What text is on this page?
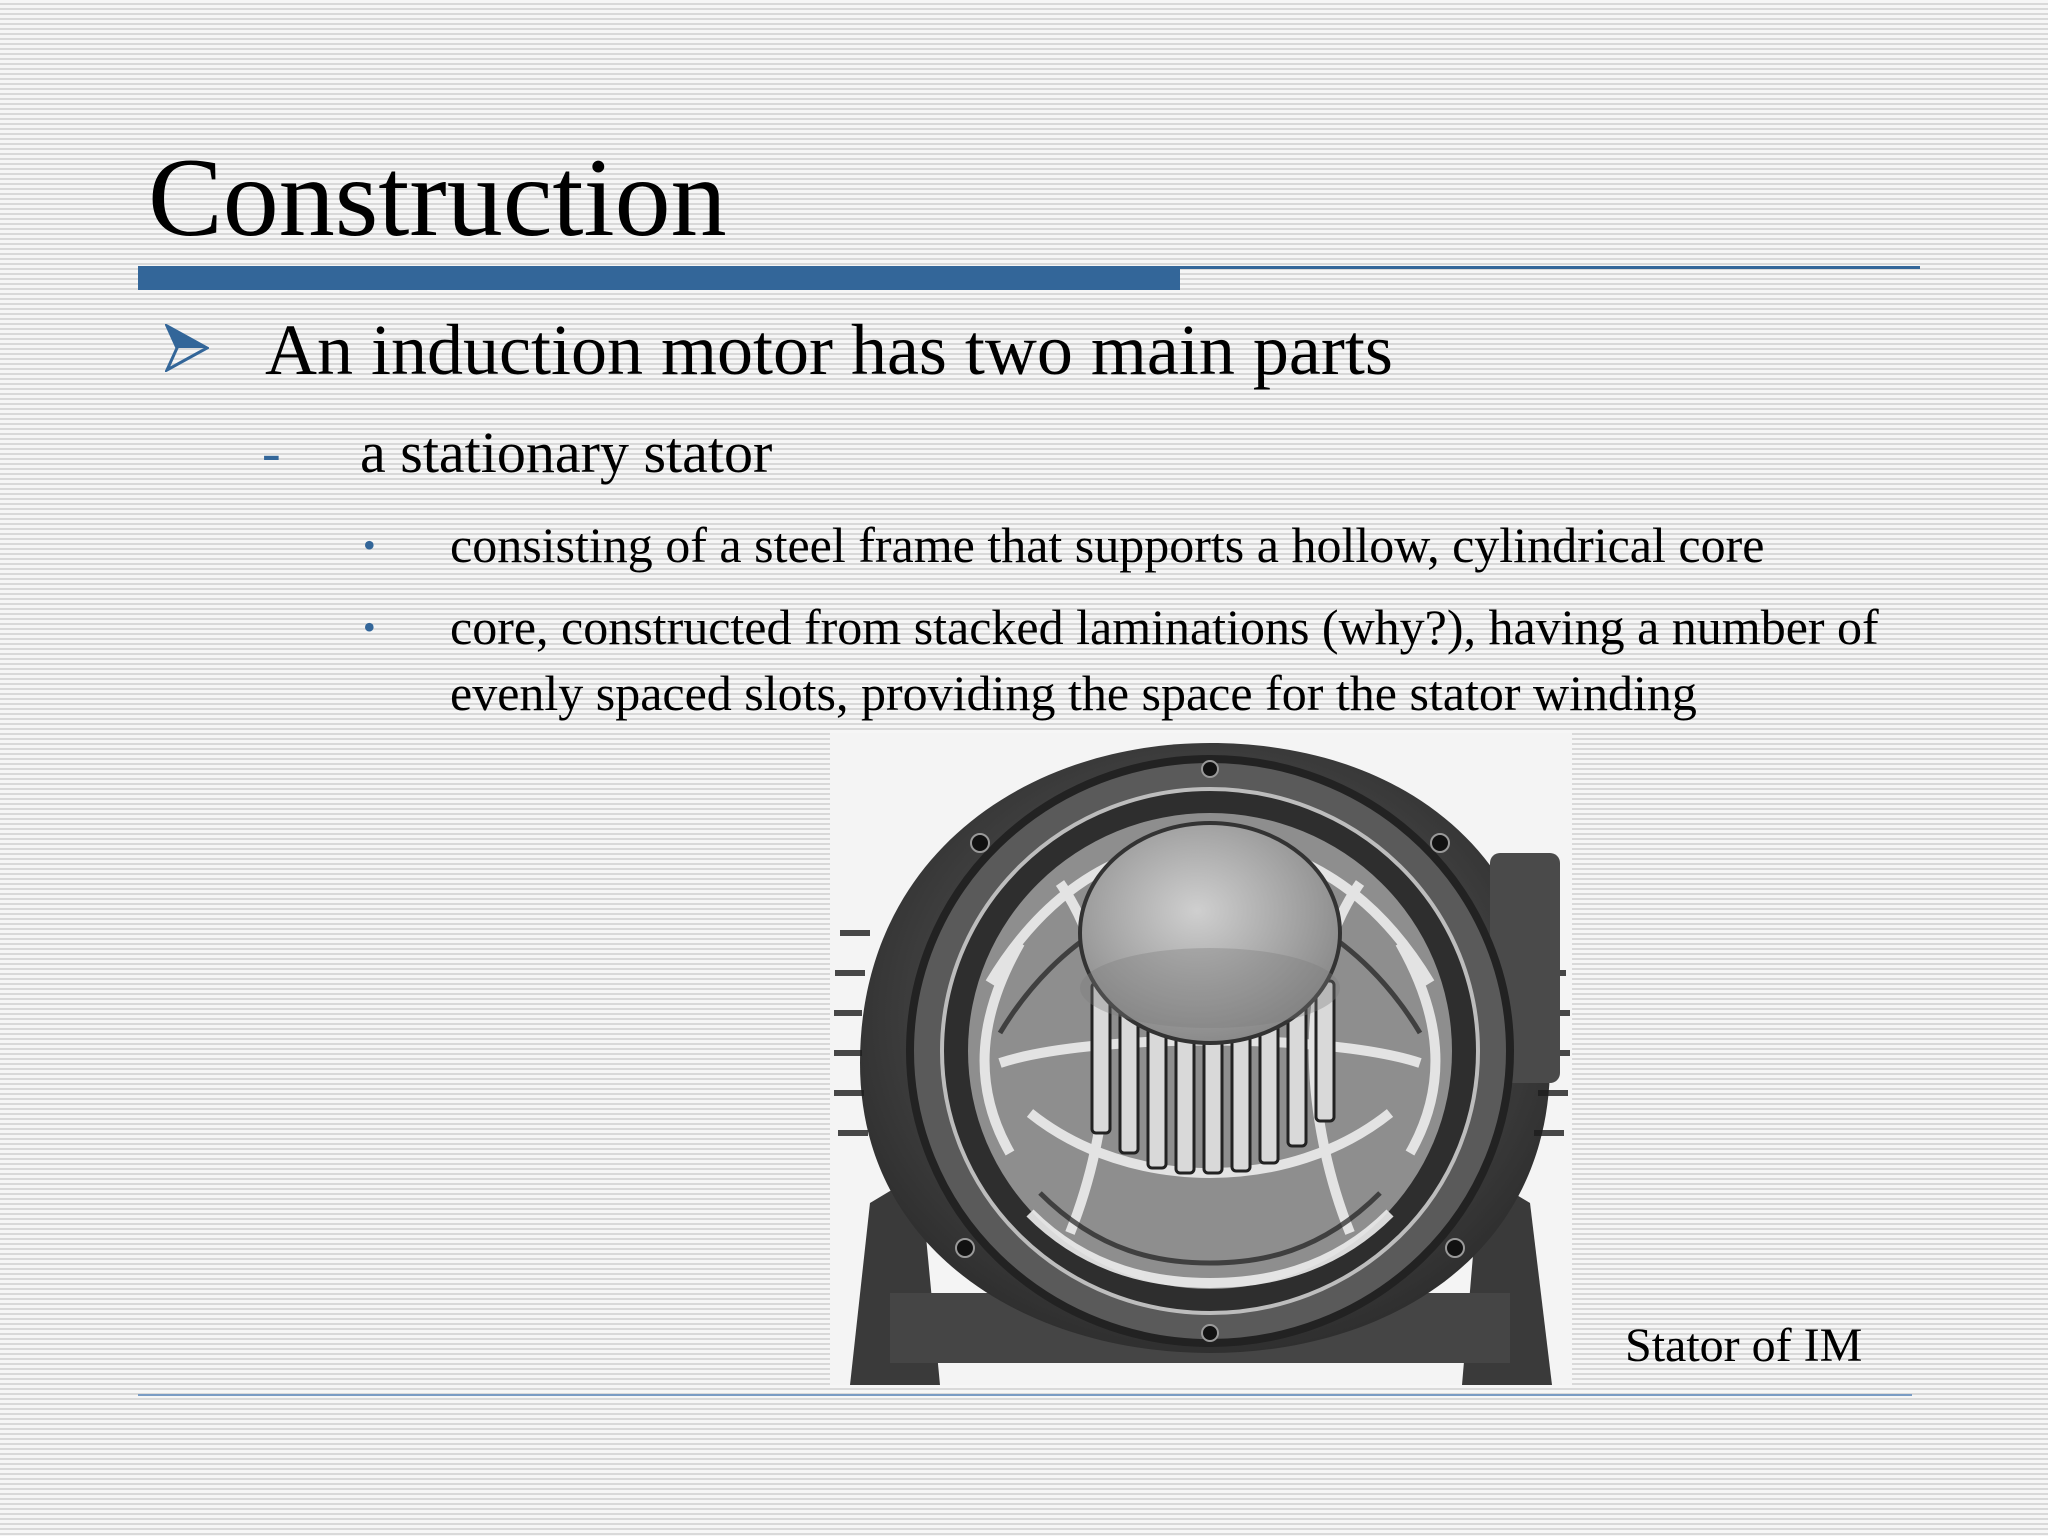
Construction
An induction motor has two main parts
- a stationary stator
• consisting of a steel frame that supports a hollow, cylindrical core
• core, constructed from stacked laminations (why?), having a number of evenly spaced slots, providing the space for the stator winding
Stator of IM
